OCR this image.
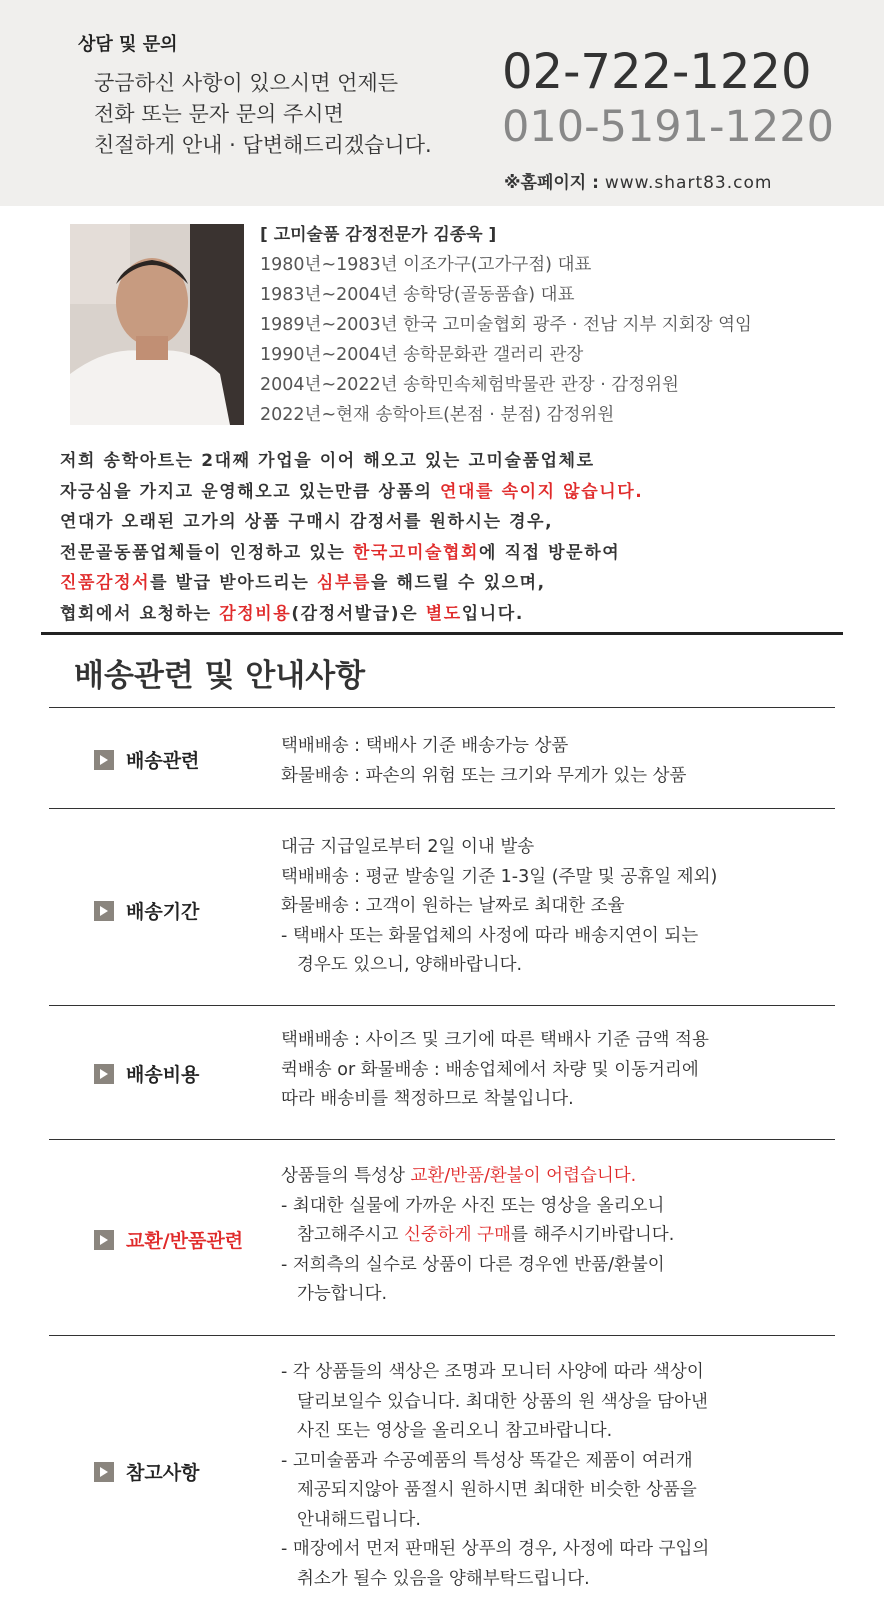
상담 및 문의
궁금하신 사항이 있으시면 언제든
전화 또는 문자 문의 주시면
친절하게 안내 · 답변해드리겠습니다.
02-722-1220
010-5191-1220
※홈페이지 : www.shart83.com
[ 고미술품 감정전문가 김종욱 ]
1980년~1983년 이조가구(고가구점) 대표
1983년~2004년 송학당(골동품숍) 대표
1989년~2003년 한국 고미술협회 광주 · 전남 지부 지회장 역임
1990년~2004년 송학문화관 갤러리 관장
2004년~2022년 송학민속체험박물관 관장 · 감정위원
2022년~현재 송학아트(본점 · 분점) 감정위원
저희 송학아트는 2대째 가업을 이어 해오고 있는 고미술품업체로
자긍심을 가지고 운영해오고 있는만큼 상품의 연대를 속이지 않습니다.
연대가 오래된 고가의 상품 구매시 감정서를 원하시는 경우,
전문골동품업체들이 인정하고 있는 한국고미술협회에 직접 방문하여
진품감정서를 발급 받아드리는 심부름을 해드릴 수 있으며,
협회에서 요청하는 감정비용(감정서발급)은 별도입니다.
배송관련 및 안내사항
배송관련
택배배송 : 택배사 기준 배송가능 상품
화물배송 : 파손의 위험 또는 크기와 무게가 있는 상품
배송기간
대금 지급일로부터 2일 이내 발송
택배배송 : 평균 발송일 기준 1-3일 (주말 및 공휴일 제외)
화물배송 : 고객이 원하는 날짜로 최대한 조율
- 택배사 또는 화물업체의 사정에 따라 배송지연이 되는
경우도 있으니, 양해바랍니다.
배송비용
택배배송 : 사이즈 및 크기에 따른 택배사 기준 금액 적용
퀵배송 or 화물배송 : 배송업체에서 차량 및 이동거리에
따라 배송비를 책정하므로 착불입니다.
교환/반품관련
상품들의 특성상 교환/반품/환불이 어렵습니다.
- 최대한 실물에 가까운 사진 또는 영상을 올리오니
참고해주시고 신중하게 구매를 해주시기바랍니다.
- 저희측의 실수로 상품이 다른 경우엔 반품/환불이
가능합니다.
참고사항
- 각 상품들의 색상은 조명과 모니터 사양에 따라 색상이
달리보일수 있습니다. 최대한 상품의 원 색상을 담아낸
사진 또는 영상을 올리오니 참고바랍니다.
- 고미술품과 수공예품의 특성상 똑같은 제품이 여러개
제공되지않아 품절시 원하시면 최대한 비슷한 상품을
안내해드립니다.
- 매장에서 먼저 판매된 상푸의 경우, 사정에 따라 구입의
취소가 될수 있음을 양해부탁드립니다.
